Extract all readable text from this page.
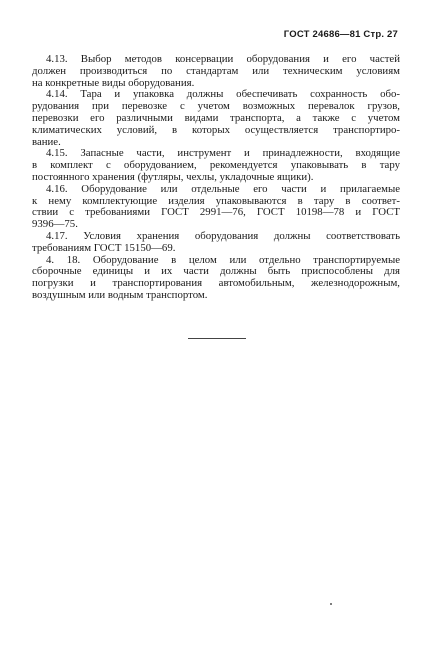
ГОСТ 24686—81 Стр. 27

4.13. Выбор методов консервации оборудования и его частей
должен производиться по стандартам или техническим условиям
на конкретные виды оборудования.

4.14. Тара и упаковка должны обеспечивать сохранность обо-
рудования при перевозке с учетом возможных перевалок грузов,
перевозки его различными видами транспорта, а также с учетом
климатических условий, в которых осуществляется транспортиро-
вание.

4.15. Запасные части, инструмент и принадлежности, входящие
в комплект с оборудованием, рекомендуется упаковывать в тару
постоянного хранения (футляры, чехлы, укладочные ящики).

4.16. Оборудование или отдельные его части и прилагаемые
к нему комплектующие изделия упаковываются в тару в соответ-
ствии с требованиями ГОСТ 2991—76, ГОСТ 10198—78 и ГОСТ
9396—75.

4.17. Условия хранения оборудования должны соответствовать
требованиям ГОСТ 15150—69.

4. 18. Оборудование в целом или отдельно транспортируемые
сборочные единицы и их части должны быть приспособлены для
погрузки и транспортирования автомобильным, железнодорожным,
воздушным или водным транспортом.
